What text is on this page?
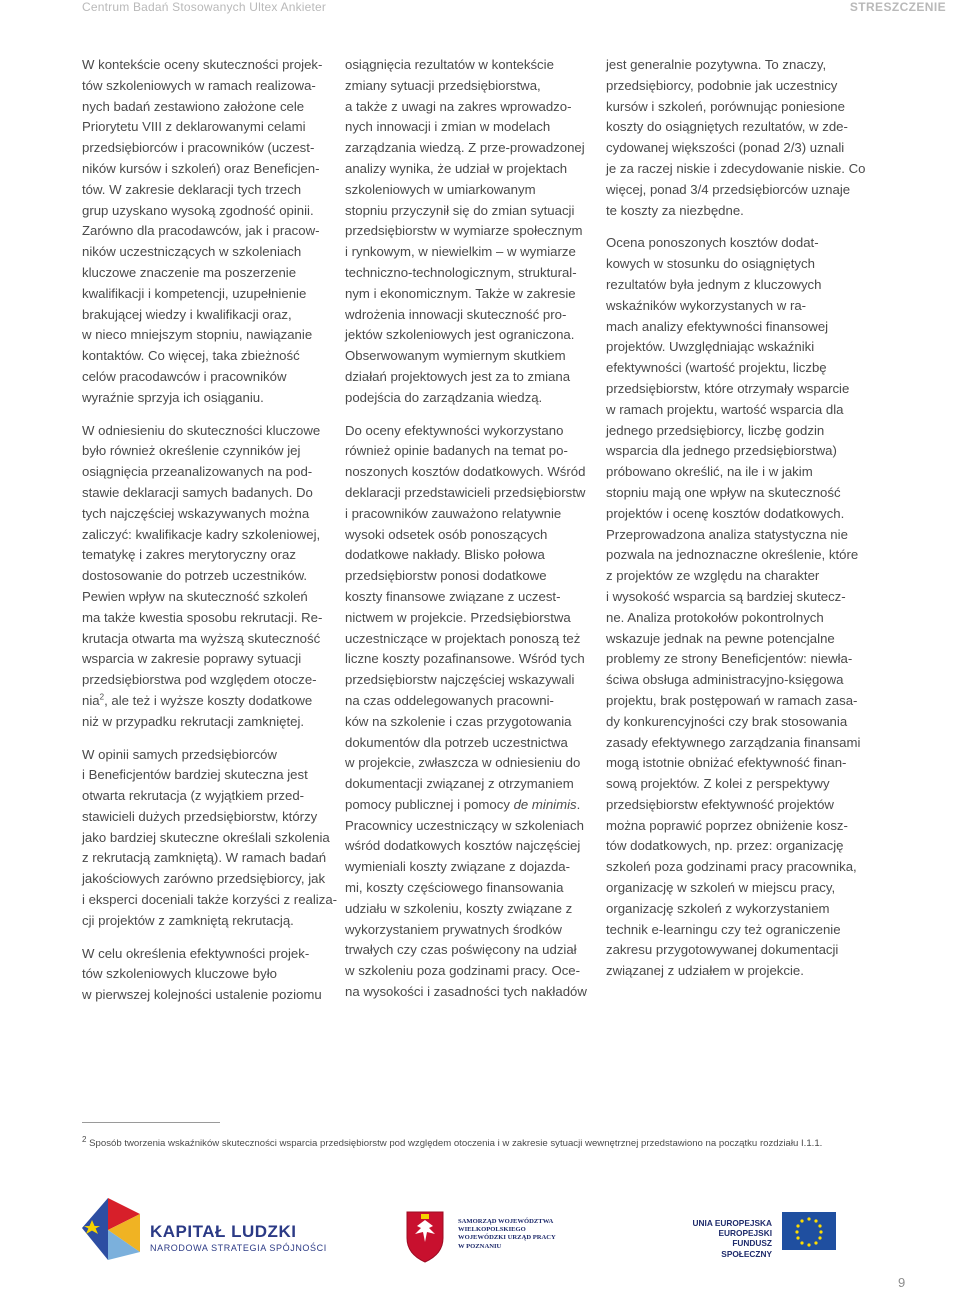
Centrum Badań Stosowanych Ultex Ankieter	STRESZCZENIE

W kontekście oceny skuteczności projek-
tów szkoleniowych w ramach realizowa-
nych badań zestawiono założone cele
Priorytetu VIII z deklarowanymi celami
przedsiębiorców i pracowników (uczest-
ników kursów i szkoleń) oraz Beneficjen-
tów. W zakresie deklaracji tych trzech
grup uzyskano wysoką zgodność opinii.
Zarówno dla pracodawców, jak i pracow-
ników uczestniczących w szkoleniach
kluczowe znaczenie ma poszerzenie
kwalifikacji i kompetencji, uzupełnienie
brakującej wiedzy i kwalifikacji oraz,
w nieco mniejszym stopniu, nawiązanie
kontaktów. Co więcej, taka zbieżność
celów pracodawców i pracowników
wyraźnie sprzyja ich osiąganiu.

W odniesieniu do skuteczności kluczowe
było również określenie czynników jej
osiągnięcia przeanalizowanych na pod-
stawie deklaracji samych badanych. Do
tych najczęściej wskazywanych można
zaliczyć: kwalifikacje kadry szkoleniowej,
tematykę i zakres merytoryczny oraz
dostosowanie do potrzeb uczestników.
Pewien wpływ na skuteczność szkoleń
ma także kwestia sposobu rekrutacji. Re-
krutacja otwarta ma wyższą skuteczność
wsparcia w zakresie poprawy sytuacji
przedsiębiorstwa pod względem otocze-
nia$^2$, ale też i wyższe koszty dodatkowe
niż w przypadku rekrutacji zamkniętej.

W opinii samych przedsiębiorców
i Beneficjentów bardziej skuteczna jest
otwarta rekrutacja (z wyjątkiem przed-
stawicieli dużych przedsiębiorstw, którzy
jako bardziej skuteczne określali szkolenia
z rekrutacją zamkniętą). W ramach badań
jakościowych zarówno przedsiębiorcy, jak
i eksperci doceniali także korzyści z realiza-
cji projektów z zamkniętą rekrutacją.

W celu określenia efektywności projek-
tów szkoleniowych kluczowe było
w pierwszej kolejności ustalenie poziomu

osiągnięcia rezultatów w kontekście
zmiany sytuacji przedsiębiorstwa,
a także z uwagi na zakres wprowadzo-
nych innowacji i zmian w modelach
zarządzania wiedzą. Z prze-prowadzonej
analizy wynika, że udział w projektach
szkoleniowych w umiarkowanym
stopniu przyczynił się do zmian sytuacji
przedsiębiorstw w wymiarze społecznym
i rynkowym, w niewielkim – w wymiarze
techniczno-technologicznym, struktural-
nym i ekonomicznym. Także w zakresie
wdrożenia innowacji skuteczność pro-
jektów szkoleniowych jest ograniczona.
Obserwowanym wymiernym skutkiem
działań projektowych jest za to zmiana
podejścia do zarządzania wiedzą.

Do oceny efektywności wykorzystano
również opinie badanych na temat po-
noszonych kosztów dodatkowych. Wśród
deklaracji przedstawicieli przedsiębiorstw
i pracowników zauważono relatywnie
wysoki odsetek osób ponoszących
dodatkowe nakłady. Blisko połowa
przedsiębiorstw ponosi dodatkowe
koszty finansowe związane z uczest-
nictwem w projekcie. Przedsiębiorstwa
uczestniczące w projektach ponoszą też
liczne koszty pozafinansowe. Wśród tych
przedsiębiorstw najczęściej wskazywali
na czas oddelegowanych pracowni-
ków na szkolenie i czas przygotowania
dokumentów dla potrzeb uczestnictwa
w projekcie, zwłaszcza w odniesieniu do
dokumentacji związanej z otrzymaniem
pomocy publicznej i pomocy de minimis.
Pracownicy uczestniczący w szkoleniach
wśród dodatkowych kosztów najczęściej
wymieniali koszty związane z dojazda-
mi, koszty częściowego finansowania
udziału w szkoleniu, koszty związane z
wykorzystaniem prywatnych środków
trwałych czy czas poświęcony na udział
w szkoleniu poza godzinami pracy. Oce-
na wysokości i zasadności tych nakładów

jest generalnie pozytywna. To znaczy,
przedsiębiorcy, podobnie jak uczestnicy
kursów i szkoleń, porównując poniesione
koszty do osiągniętych rezultatów, w zde-
cydowanej większości (ponad 2/3) uznali
je za raczej niskie i zdecydowanie niskie. Co
więcej, ponad 3/4 przedsiębiorców uznaje
te koszty za niezbędne.

Ocena ponoszonych kosztów dodat-
kowych w stosunku do osiągniętych
rezultatów była jednym z kluczowych
wskaźników wykorzystanych w ra-
mach analizy efektywności finansowej
projektów. Uwzględniając wskaźniki
efektywności (wartość projektu, liczbę
przedsiębiorstw, które otrzymały wsparcie
w ramach projektu, wartość wsparcia dla
jednego przedsiębiorcy, liczbę godzin
wsparcia dla jednego przedsiębiorstwa)
próbowano określić, na ile i w jakim
stopniu mają one wpływ na skuteczność
projektów i ocenę kosztów dodatkowych.
Przeprowadzona analiza statystyczna nie
pozwala na jednoznaczne określenie, które
z projektów ze względu na charakter
i wysokość wsparcia są bardziej skutecz-
ne. Analiza protokołów pokontrolnych
wskazuje jednak na pewne potencjalne
problemy ze strony Beneficjentów: niewła-
ściwa obsługa administracyjno-księgowa
projektu, brak postępowań w ramach zasa-
dy konkurencyjności czy brak stosowania
zasady efektywnego zarządzania finansami
mogą istotnie obniżać efektywność finan-
sową projektów. Z kolei z perspektywy
przedsiębiorstw efektywność projektów
można poprawić poprzez obniżenie kosz-
tów dodatkowych, np. przez: organizację
szkoleń poza godzinami pracy pracownika,
organizację w szkoleń w miejscu pracy,
organizację szkoleń z wykorzystaniem
technik e-learningu czy też ograniczenie
zakresu przygotowywanej dokumentacji
związanej z udziałem w projekcie.

$^2$ Sposób tworzenia wskaźników skuteczności wsparcia przedsiębiorstw pod względem otoczenia i w zakresie sytuacji wewnętrznej przedstawiono na początku rozdziału I.1.1.
KAPITAŁ LUDZKI
NARODOWA STRATEGIA SPÓJNOŚCI
SAMORZĄD WOJEWÓDZTWA
WIELKOPOLSKIEGO
WOJEWÓDZKI URZĄD PRACY
W POZNANIU
UNIA EUROPEJSKA
EUROPEJSKI
FUNDUSZ SPOŁECZNY
9
